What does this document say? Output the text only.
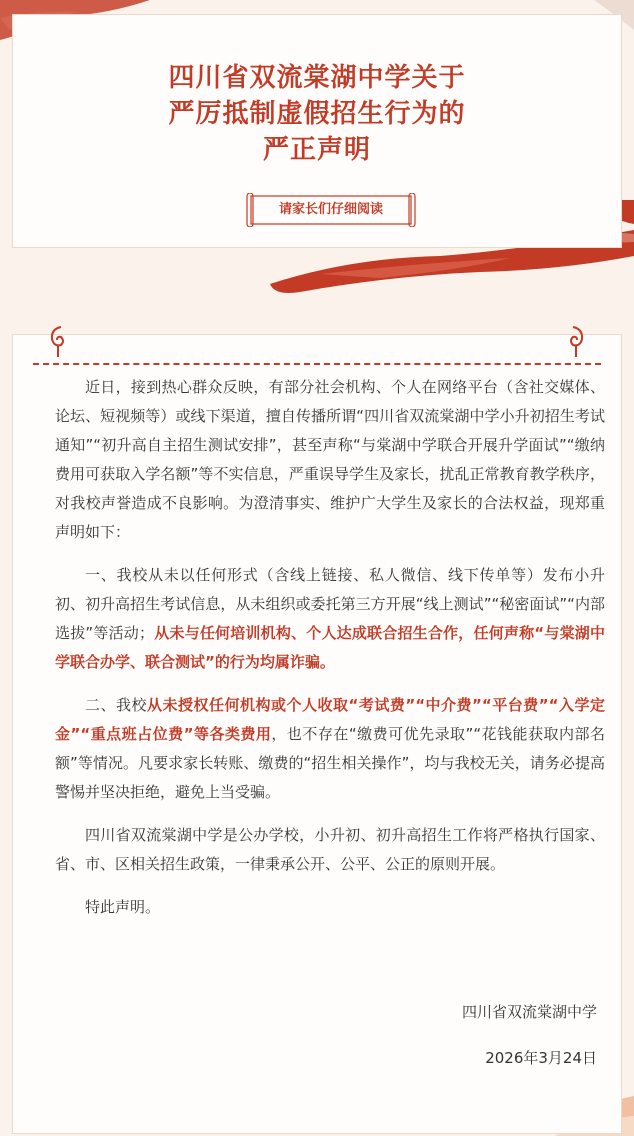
四川省双流棠湖中学关于
严厉抵制虚假招生行为的
严正声明
请家长们仔细阅读

近日，接到热心群众反映，有部分社会机构、个人在网络平台（含社交媒体、论坛、短视频等）或线下渠道，擅自传播所谓“四川省双流棠湖中学小升初招生考试通知”“初升高自主招生测试安排”，甚至声称“与棠湖中学联合开展升学面试”“缴纳费用可获取入学名额”等不实信息，严重误导学生及家长，扰乱正常教育教学秩序，对我校声誉造成不良影响。为澄清事实、维护广大学生及家长的合法权益，现郑重声明如下：

一、我校从未以任何形式（含线上链接、私人微信、线下传单等）发布小升初、初升高招生考试信息，从未组织或委托第三方开展“线上测试”“秘密面试”“内部选拔”等活动；从未与任何培训机构、个人达成联合招生合作，任何声称“与棠湖中学联合办学、联合测试”的行为均属诈骗。

二、我校从未授权任何机构或个人收取“考试费”“中介费”“平台费”“入学定金”“重点班占位费”等各类费用，也不存在“缴费可优先录取”“花钱能获取内部名额”等情况。凡要求家长转账、缴费的“招生相关操作”，均与我校无关，请务必提高警惕并坚决拒绝，避免上当受骗。

四川省双流棠湖中学是公办学校，小升初、初升高招生工作将严格执行国家、省、市、区相关招生政策，一律秉承公开、公平、公正的原则开展。

特此声明。

四川省双流棠湖中学
2026年3月24日
